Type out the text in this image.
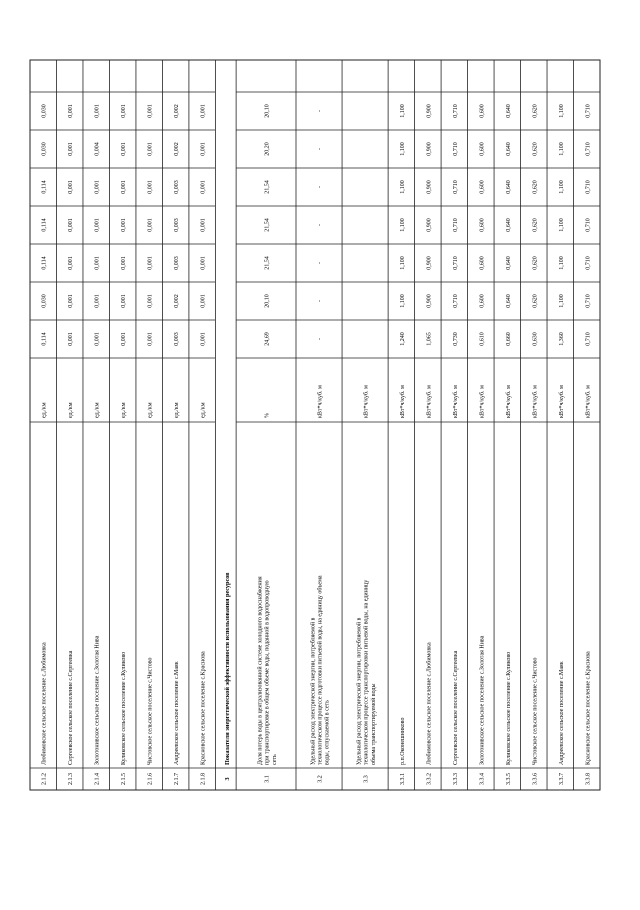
2.1.2
Любимовское сельское поселение с.Любимовка
ед./км
0,114
0,030
0,114
0,114
0,114
0,030
0,030
2.1.3
Сергеевское сельское поселение с.Сергеевка
ед./км
0,001
0,001
0,001
0,001
0,001
0,001
0,001
2.1.4
Золотонивское сельское поселение с.Золотая Нива
ед./км
0,001
0,001
0,001
0,001
0,001
0,004
0,001
2.1.5
Куликовское сельское поселение с.Куликово
ед./км
0,001
0,001
0,001
0,001
0,001
0,001
0,001
2.1.6
Чистовское сельское поселение с.Чистово
ед./км
0,001
0,001
0,001
0,001
0,001
0,001
0,001
2.1.7
Андреевское сельское поселение с.Маяк
ед./км
0,003
0,002
0,003
0,003
0,003
0,002
0,002
2.1.8
Красновское сельское поселение с.Краснова
ед./км
0,001
0,001
0,001
0,001
0,001
0,001
0,001
3
Показатели энергетической эффективности использования ресурсов
3.1
Доля потерь воды в централизованной системе холодного водоснабжения при транспортировке в общем объеме воды, поданной в водопроводную сеть
%
24,69
20,10
21,54
21,54
21,54
20,20
20,10
3.2
Удельный расход электрической энергии, потребляемой в технологическом процессе подготовки питьевой воды, на единицу объема воды, отпускаемой в сеть
кВт*ч/куб. м
-
-
-
-
-
-
-
3.3
Удельный расход электрической энергии, потребляемой в технологическом процессе транспортировки питьевой воды, на единицу объема транспортируемой воды
кВт*ч/куб. м
3.3.1
р.п.Оконешниково
кВт*ч/куб. м
1,240
1,100
1,100
1,100
1,100
1,100
1,100
3.3.2
Любимовское сельское поселение с.Любимовка
кВт*ч/куб. м
1,065
0,900
0,900
0,900
0,900
0,900
0,900
3.3.3
Сергеевское сельское поселение с.Сергеевка
кВт*ч/куб. м
0,730
0,710
0,710
0,710
0,710
0,710
0,710
3.3.4
Золотонивское сельское поселение с.Золотая Нива
кВт*ч/куб. м
0,610
0,600
0,600
0,600
0,600
0,600
0,600
3.3.5
Куликовское сельское поселение с.Куликово
кВт*ч/куб. м
0,660
0,640
0,640
0,640
0,640
0,640
0,640
3.3.6
Чистовское сельское поселение с.Чистово
кВт*ч/куб. м
0,630
0,620
0,620
0,620
0,620
0,620
0,620
3.3.7
Андреевское сельское поселение с.Маяк
кВт*ч/куб. м
1,360
1,100
1,100
1,100
1,100
1,100
1,100
3.3.8
Красновское сельское поселение с.Краснова
кВт*ч/куб. м
0,710
0,710
0,710
0,710
0,710
0,710
0,710
